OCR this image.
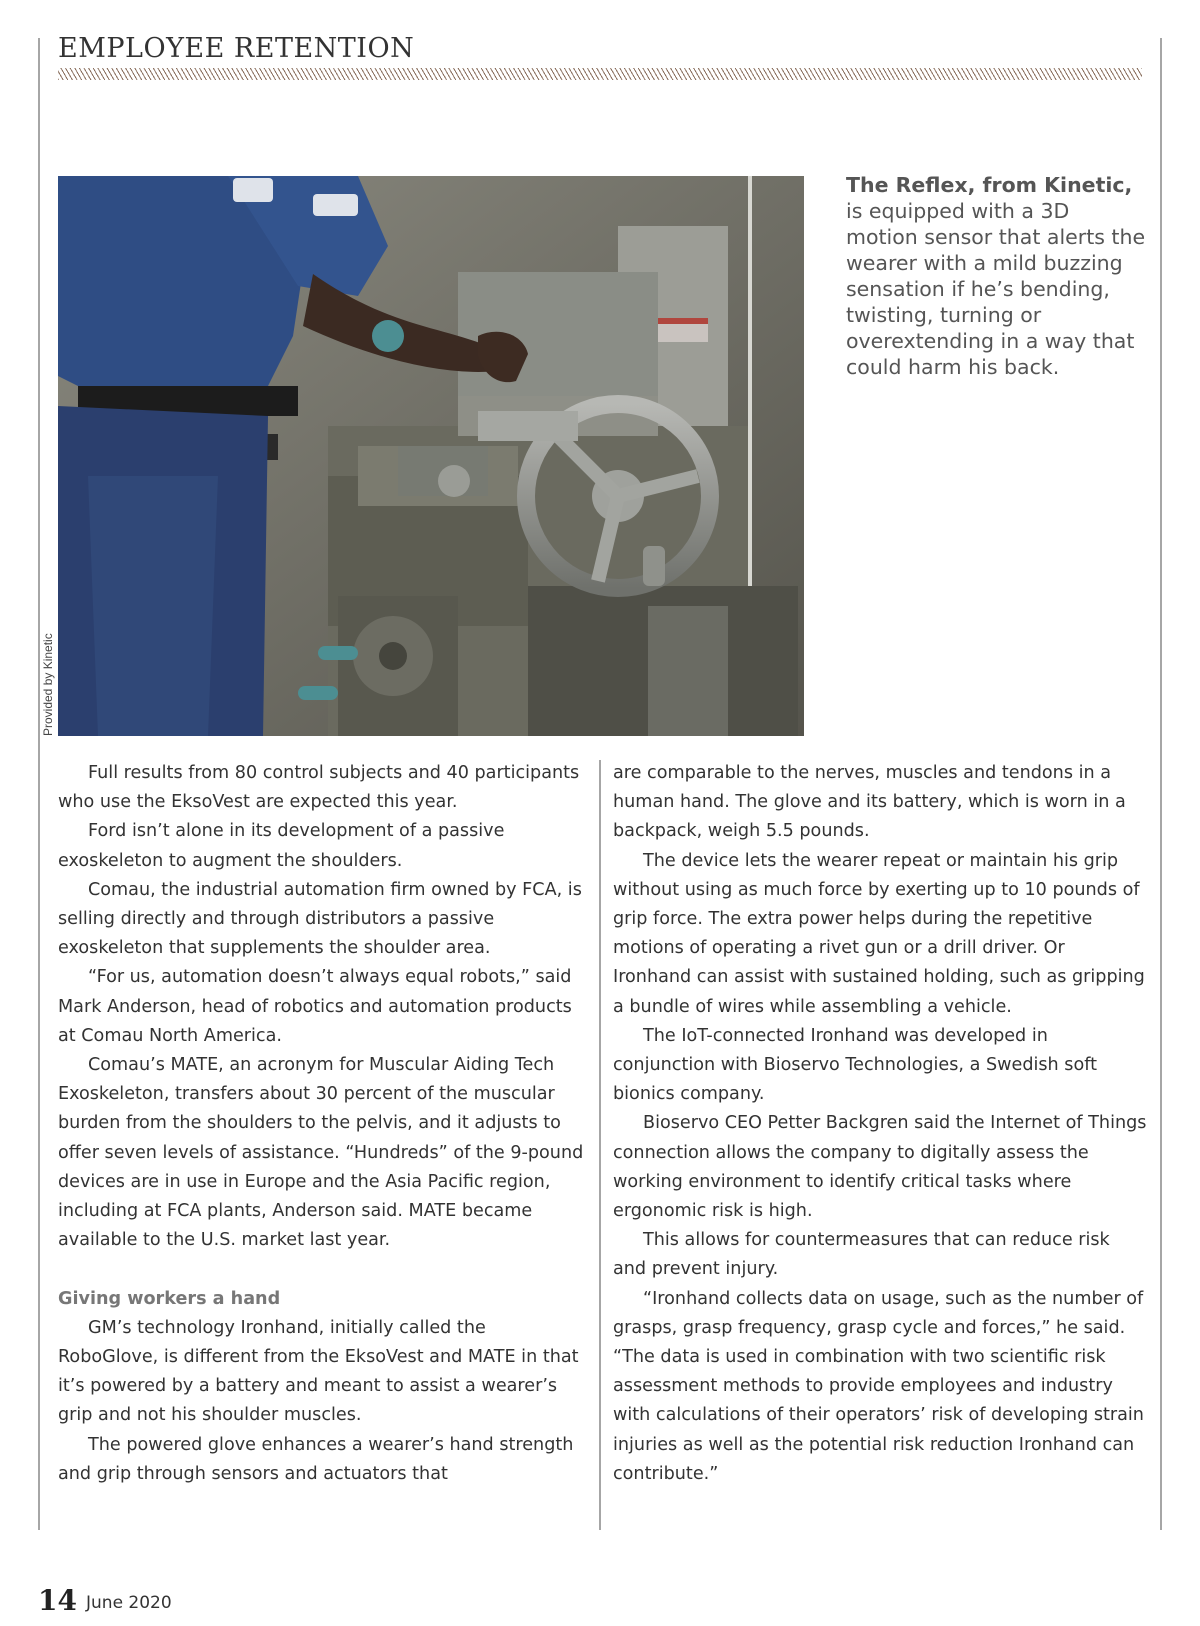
EMPLOYEE RETENTION
Provided by Kinetic
The Reflex, from Kinetic, is equipped with a 3D motion sensor that alerts the wearer with a mild buzzing sensation if he’s bending, twisting, turning or overextending in a way that could harm his back.

Full results from 80 control subjects and 40 participants who use the EksoVest are expected this year.

Ford isn’t alone in its development of a passive exoskeleton to augment the shoulders.

Comau, the industrial automation firm owned by FCA, is selling directly and through distributors a passive exoskeleton that supplements the shoulder area.

“For us, automation doesn’t always equal robots,” said Mark Anderson, head of robotics and automation products at Comau North America.

Comau’s MATE, an acronym for Muscular Aiding Tech Exoskeleton, transfers about 30 percent of the muscular burden from the shoulders to the pelvis, and it adjusts to offer seven levels of assistance. “Hundreds” of the 9-pound devices are in use in Europe and the Asia Pacific region, including at FCA plants, Anderson said. MATE became available to the U.S. market last year.

Giving workers a hand

GM’s technology Ironhand, initially called the RoboGlove, is different from the EksoVest and MATE in that it’s powered by a battery and meant to assist a wearer’s grip and not his shoulder muscles.

The powered glove enhances a wearer’s hand strength and grip through sensors and actuators that

are comparable to the nerves, muscles and tendons in a human hand. The glove and its battery, which is worn in a backpack, weigh 5.5 pounds.

The device lets the wearer repeat or maintain his grip without using as much force by exerting up to 10 pounds of grip force. The extra power helps during the repetitive motions of operating a rivet gun or a drill driver. Or Ironhand can assist with sustained holding, such as gripping a bundle of wires while assembling a vehicle.

The IoT-connected Ironhand was developed in conjunction with Bioservo Technologies, a Swedish soft bionics company.

Bioservo CEO Petter Backgren said the Internet of Things connection allows the company to digitally assess the working environment to identify critical tasks where ergonomic risk is high.

This allows for countermeasures that can reduce risk and prevent injury.

“Ironhand collects data on usage, such as the number of grasps, grasp frequency, grasp cycle and forces,” he said. “The data is used in combination with two scientific risk assessment methods to provide employees and industry with calculations of their operators’ risk of developing strain injuries as well as the potential risk reduction Ironhand can contribute.”

14 June 2020
